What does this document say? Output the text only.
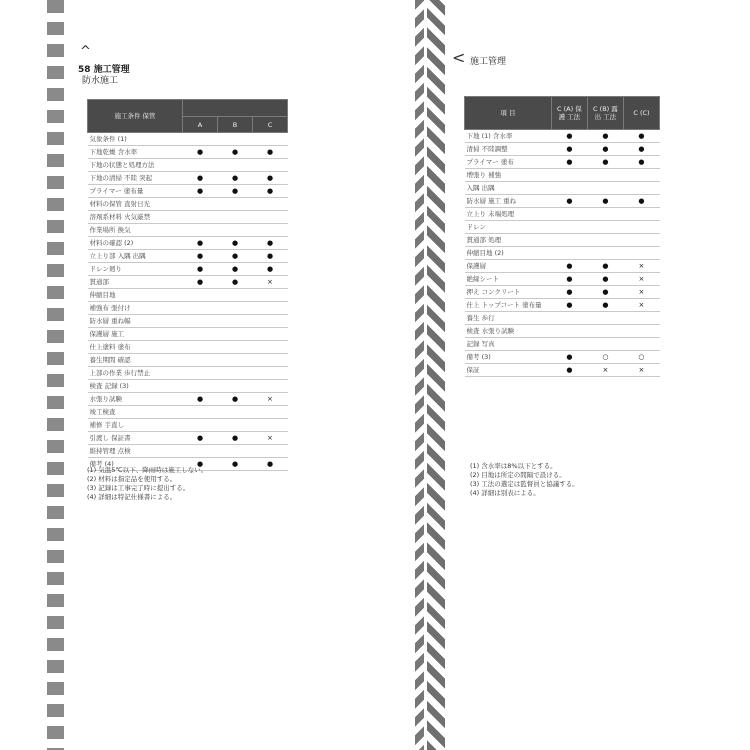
^
58 施工管理
防水施工
施工条件 保管			
	A	B	C
気象条件 (1)			
下地乾燥 含水率	●	●	●
下地の状態と処理方法			
下地の清掃 不陸 突起	●	●	●
プライマー 塗布量	●	●	●
材料の保管 直射日光			
溶剤系材料 火気厳禁			
作業場所 換気			
材料の確認 (2)	●	●	●
立上り部 入隅 出隅	●	●	●
ドレン廻り	●	●	●
貫通部	●	●	×
伸縮目地			
補強布 張付け			
防水層 重ね幅			
保護層 施工			
仕上塗料 塗布			
養生期間 確認			
上部の作業 歩行禁止			
検査 記録 (3)			
水張り試験	●	●	×
竣工検査			
補修 手直し			
引渡し 保証書	●	●	×
維持管理 点検			
備考 (4)	●	●	●
(1) 気温5℃以下、降雨時は施工しない。
(2) 材料は指定品を使用する。
(3) 記録は工事完了時に提出する。
(4) 詳細は特記仕様書による。
< 施工管理
項 目	C (A) 保護 工法	C (B) 露出 工法	C (C)
下地 (1) 含水率	●	●	●
清掃 不陸調整	●	●	●
プライマー 塗布	●	●	●
増張り 補強			
入隅 出隅			
防水層 施工 重ね	●	●	●
立上り 末端処理			
ドレン			
貫通部 処理			
伸縮目地 (2)			
保護層	●	●	×
絶縁シート	●	●	×
押え コンクリート	●	●	×
仕上 トップコート 塗布量	●	●	×
養生 歩行			
検査 水張り試験			
記録 写真			
備考 (3)	●	○	○
保証	●	×	×
(1) 含水率は8%以下とする。
(2) 目地は所定の間隔で設ける。
(3) 工法の選定は監督員と協議する。
(4) 詳細は別表による。
